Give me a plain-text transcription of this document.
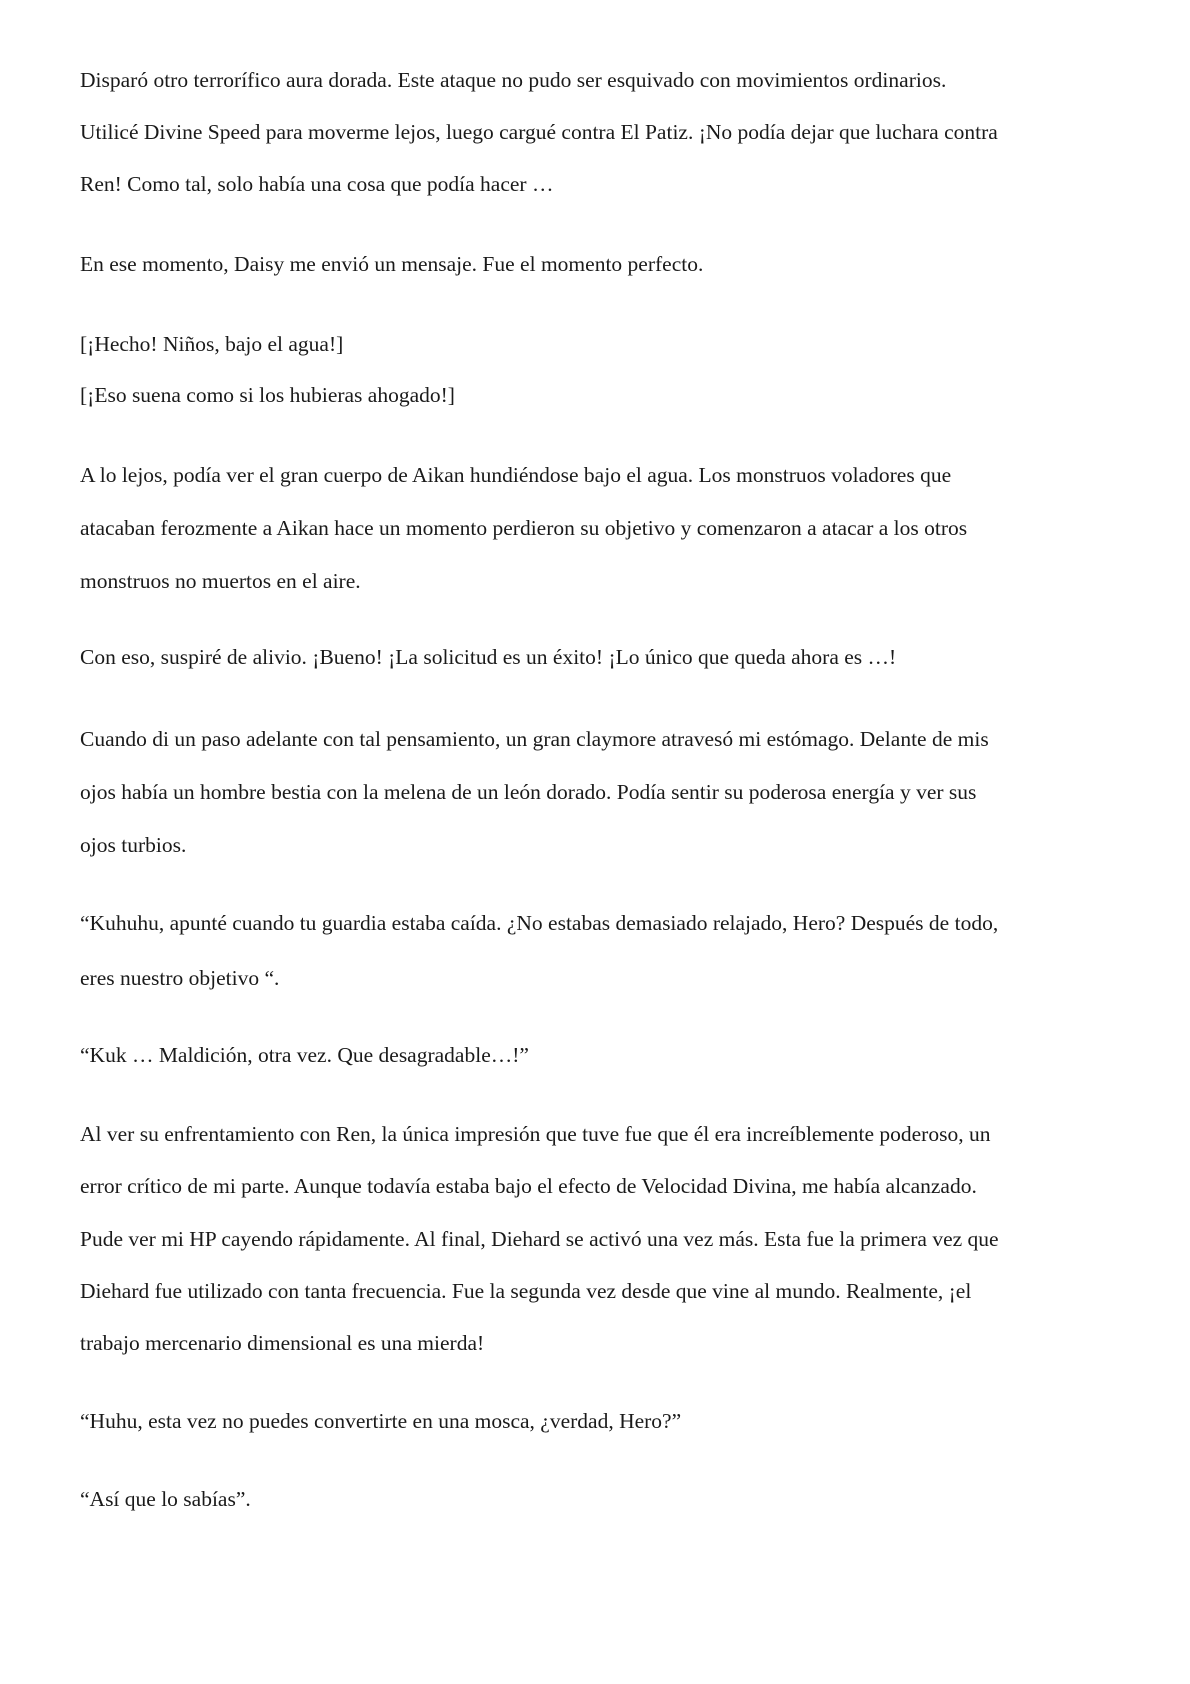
Disparó otro terrorífico aura dorada. Este ataque no pudo ser esquivado con movimientos ordinarios.
Utilicé Divine Speed para moverme lejos, luego cargué contra El Patiz. ¡No podía dejar que luchara contra
Ren! Como tal, solo había una cosa que podía hacer …
En ese momento, Daisy me envió un mensaje. Fue el momento perfecto.
[¡Hecho! Niños, bajo el agua!]
[¡Eso suena como si los hubieras ahogado!]
A lo lejos, podía ver el gran cuerpo de Aikan hundiéndose bajo el agua. Los monstruos voladores que
atacaban ferozmente a Aikan hace un momento perdieron su objetivo y comenzaron a atacar a los otros
monstruos no muertos en el aire.
Con eso, suspiré de alivio. ¡Bueno! ¡La solicitud es un éxito! ¡Lo único que queda ahora es …!
Cuando di un paso adelante con tal pensamiento, un gran claymore atravesó mi estómago. Delante de mis
ojos había un hombre bestia con la melena de un león dorado. Podía sentir su poderosa energía y ver sus
ojos turbios.
“Kuhuhu, apunté cuando tu guardia estaba caída. ¿No estabas demasiado relajado, Hero? Después de todo,
eres nuestro objetivo “.
“Kuk … Maldición, otra vez. Que desagradable…!”
Al ver su enfrentamiento con Ren, la única impresión que tuve fue que él era increíblemente poderoso, un
error crítico de mi parte. Aunque todavía estaba bajo el efecto de Velocidad Divina, me había alcanzado.
Pude ver mi HP cayendo rápidamente. Al final, Diehard se activó una vez más. Esta fue la primera vez que
Diehard fue utilizado con tanta frecuencia. Fue la segunda vez desde que vine al mundo. Realmente, ¡el
trabajo mercenario dimensional es una mierda!
“Huhu, esta vez no puedes convertirte en una mosca, ¿verdad, Hero?”
“Así que lo sabías”.
